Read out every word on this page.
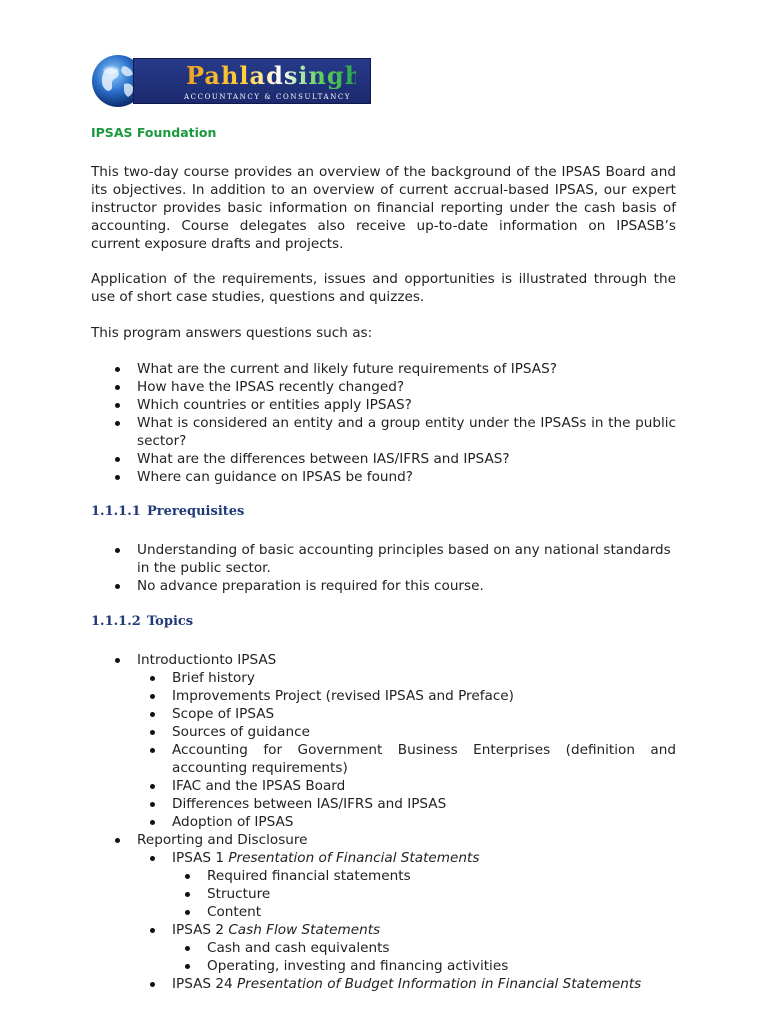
Pahladsingh
ACCOUNTANCY & CONSULTANCY
IPSAS Foundation
This two-day course provides an overview of the background of the IPSAS Board and its objectives. In addition to an overview of current accrual-based IPSAS, our expert instructor provides basic information on financial reporting under the cash basis of accounting. Course delegates also receive up-to-date information on IPSASB’s current exposure drafts and projects.
Application of the requirements, issues and opportunities is illustrated through the use of short case studies, questions and quizzes.
This program answers questions such as:
What are the current and likely future requirements of IPSAS?
How have the IPSAS recently changed?
Which countries or entities apply IPSAS?
What is considered an entity and a group entity under the IPSASs in the public sector?
What are the differences between IAS/IFRS and IPSAS?
Where can guidance on IPSAS be found?
1.1.1.1 Prerequisites
Understanding of basic accounting principles based on any national standards in the public sector.
No advance preparation is required for this course.
1.1.1.2 Topics
Introductionto IPSAS
Brief history
Improvements Project (revised IPSAS and Preface)
Scope of IPSAS
Sources of guidance
Accounting for Government Business Enterprises (definition and accounting requirements)
IFAC and the IPSAS Board
Differences between IAS/IFRS and IPSAS
Adoption of IPSAS
Reporting and Disclosure
IPSAS 1 Presentation of Financial Statements
Required financial statements
Structure
Content
IPSAS 2 Cash Flow Statements
Cash and cash equivalents
Operating, investing and financing activities
IPSAS 24 Presentation of Budget Information in Financial Statements
